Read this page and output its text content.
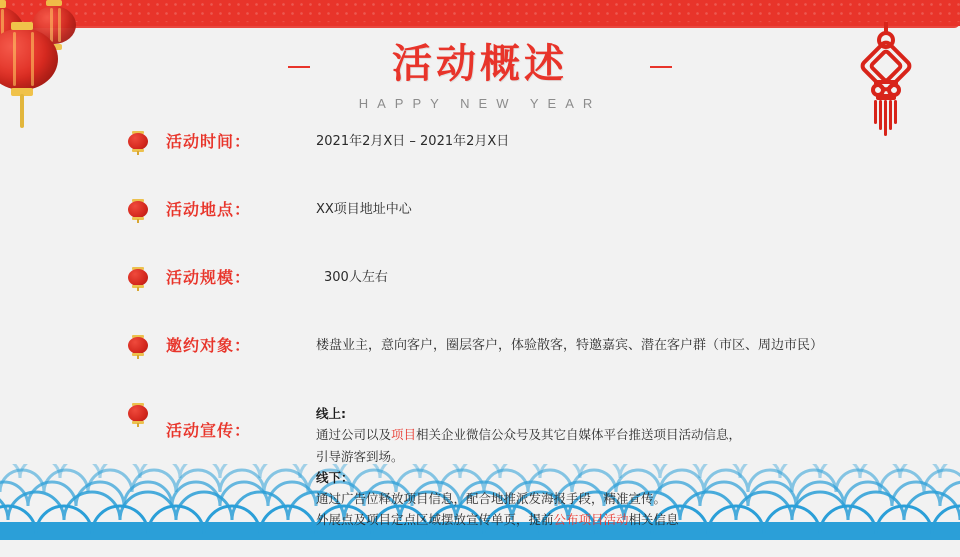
活动概述
HAPPY NEW YEAR
活动时间：	2021年2月X日 – 2021年2月X日
活动地点：	XX项目地址中心
活动规模：	300人左右
邀约对象：	楼盘业主，意向客户，圈层客户，体验散客，特邀嘉宾、潜在客户群（市区、周边市民）
活动宣传：
线上:
通过公司以及项目相关企业微信公众号及其它自媒体平台推送项目活动信息，
引导游客到场。
线下：
通过广告位释放项目信息，配合地推派发海报手段，精准宣传。
外展点及项目定点区域摆放宣传单页，提前公布项目活动相关信息
